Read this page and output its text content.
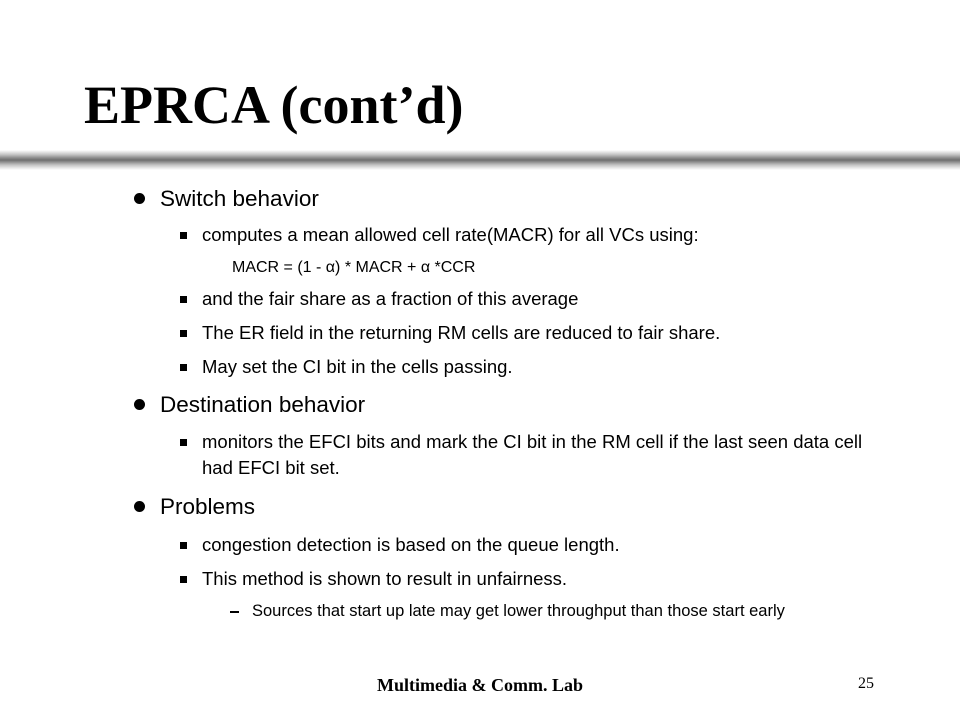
EPRCA (cont’d)
Switch behavior
computes a mean allowed cell rate(MACR) for all VCs using:
MACR = (1 - α) * MACR + α *CCR
and the fair share as a fraction of this average
The ER field in the returning RM cells are reduced to fair share.
May set the CI bit in the cells passing.
Destination behavior
monitors the EFCI bits and mark the CI bit in the RM cell if the last seen data cell had EFCI bit set.
Problems
congestion detection is based on the queue length.
This method is shown to result in unfairness.
Sources that start up late may get lower throughput than those start early
Multimedia & Comm. Lab	25
